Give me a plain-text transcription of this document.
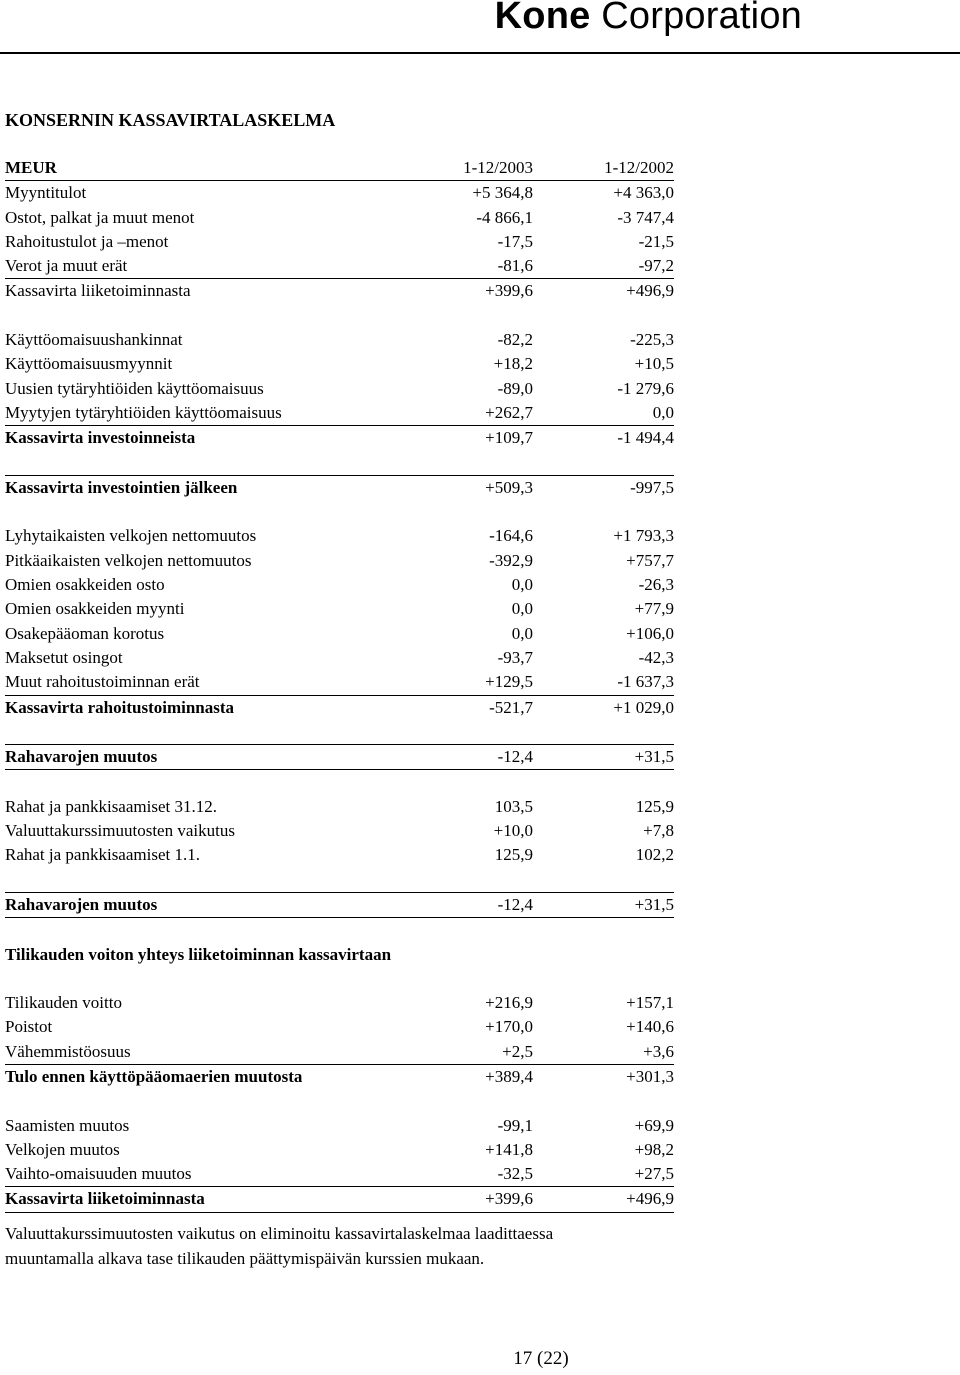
Kone Corporation
KONSERNIN KASSAVIRTALASKELMA
MEUR	1-12/2003	1-12/2002
Myyntitulot	+5 364,8	+4 363,0
Ostot, palkat ja muut menot	-4 866,1	-3 747,4
Rahoitustulot ja –menot	-17,5	-21,5
Verot ja muut erät	-81,6	-97,2
Kassavirta liiketoiminnasta	+399,6	+496,9
Käyttöomaisuushankinnat	-82,2	-225,3
Käyttöomaisuusmyynnit	+18,2	+10,5
Uusien tytäryhtiöiden käyttöomaisuus	-89,0	-1 279,6
Myytyjen tytäryhtiöiden käyttöomaisuus	+262,7	0,0
Kassavirta investoinneista	+109,7	-1 494,4
Kassavirta investointien jälkeen	+509,3	-997,5
Lyhytaikaisten velkojen nettomuutos	-164,6	+1 793,3
Pitkäaikaisten velkojen nettomuutos	-392,9	+757,7
Omien osakkeiden osto	0,0	-26,3
Omien osakkeiden myynti	0,0	+77,9
Osakepääoman korotus	0,0	+106,0
Maksetut osingot	-93,7	-42,3
Muut rahoitustoiminnan erät	+129,5	-1 637,3
Kassavirta rahoitustoiminnasta	-521,7	+1 029,0
Rahavarojen muutos	-12,4	+31,5
Rahat ja pankkisaamiset 31.12.	103,5	125,9
Valuuttakurssimuutosten vaikutus	+10,0	+7,8
Rahat ja pankkisaamiset 1.1.	125,9	102,2
Rahavarojen muutos	-12,4	+31,5
Tilikauden voiton yhteys liiketoiminnan kassavirtaan
Tilikauden voitto	+216,9	+157,1
Poistot	+170,0	+140,6
Vähemmistöosuus	+2,5	+3,6
Tulo ennen käyttöpääomaerien muutosta	+389,4	+301,3
Saamisten muutos	-99,1	+69,9
Velkojen muutos	+141,8	+98,2
Vaihto-omaisuuden muutos	-32,5	+27,5
Kassavirta liiketoiminnasta	+399,6	+496,9

Valuuttakurssimuutosten vaikutus on eliminoitu kassavirtalaskelmaa laadittaessa

muuntamalla alkava tase tilikauden päättymispäivän kurssien mukaan.

17 (22)
